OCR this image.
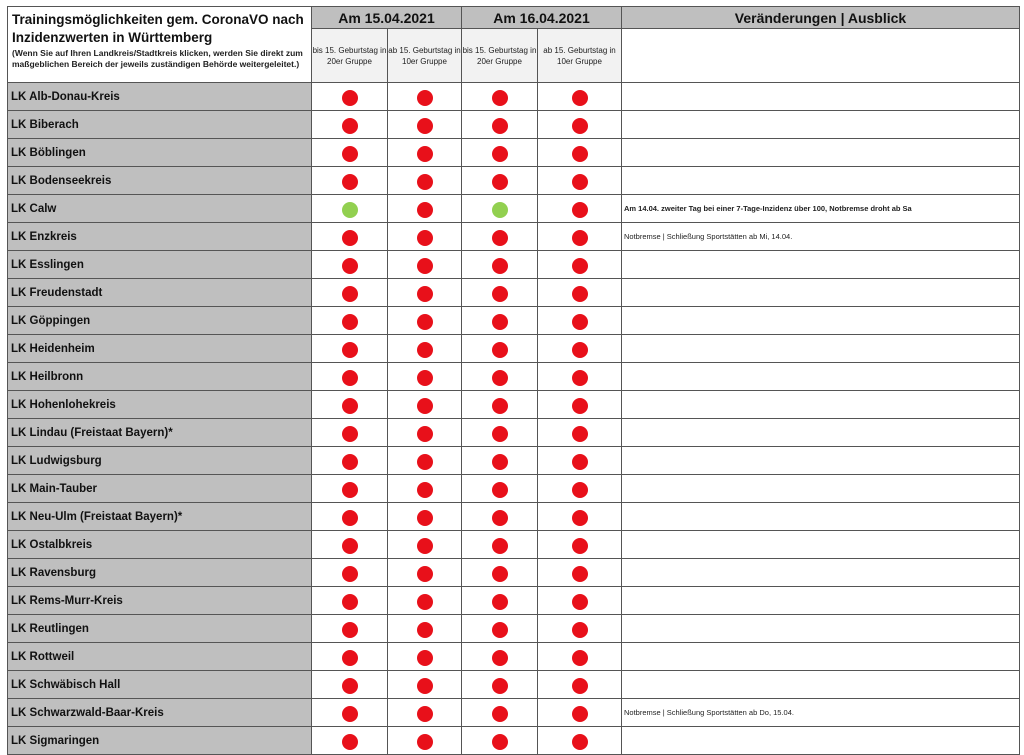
Trainingsmöglichkeiten gem. CoronaVO nach Inzidenzwerten in Württemberg
(Wenn Sie auf Ihren Landkreis/Stadtkreis klicken, werden Sie direkt zum maßgeblichen Bereich der jeweils zuständigen Behörde weitergeleitet.)	Am 15.04.2021		Am 16.04.2021		Veränderungen | Ausblick
	bis 15. Geburtstag in 20er Gruppe	ab 15. Geburtstag in 10er Gruppe	bis 15. Geburtstag in 20er Gruppe	ab 15. Geburtstag in 10er Gruppe	
LK Alb-Donau-Kreis					
LK Biberach					
LK Böblingen					
LK Bodenseekreis					
LK Calw					Am 14.04. zweiter Tag bei einer 7-Tage-Inzidenz über 100, Notbremse droht ab Sa
LK Enzkreis					Notbremse | Schließung Sportstätten ab Mi, 14.04.
LK Esslingen					
LK Freudenstadt					
LK Göppingen					
LK Heidenheim					
LK Heilbronn					
LK Hohenlohekreis					
LK Lindau (Freistaat Bayern)*					
LK Ludwigsburg					
LK Main-Tauber					
LK Neu-Ulm (Freistaat Bayern)*					
LK Ostalbkreis					
LK Ravensburg					
LK Rems-Murr-Kreis					
LK Reutlingen					
LK Rottweil					
LK Schwäbisch Hall					
LK Schwarzwald-Baar-Kreis					Notbremse | Schließung Sportstätten ab Do, 15.04.
LK Sigmaringen					
